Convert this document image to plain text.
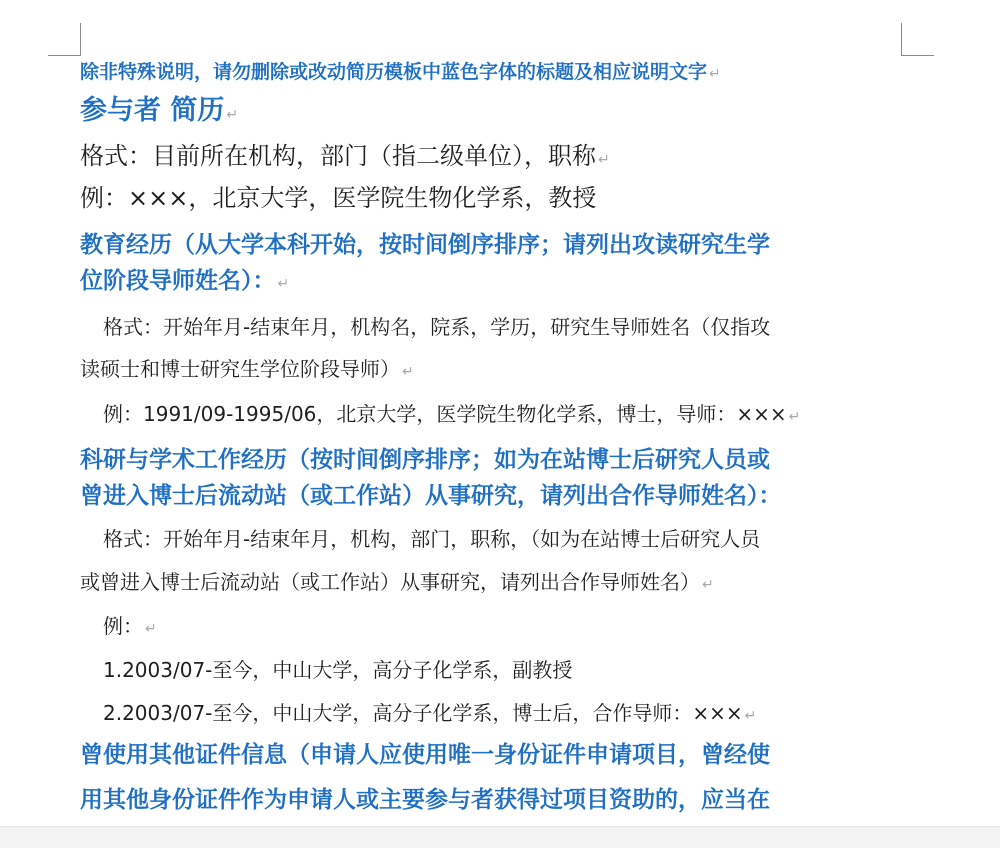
除非特殊说明，请勿删除或改动简历模板中蓝色字体的标题及相应说明文字 ↵
参与者 简历 ↵
格式：目前所在机构，部门（指二级单位），职称 ↵
例：×××，北京大学，医学院生物化学系，教授
教育经历（从大学本科开始，按时间倒序排序；请列出攻读研究生学
位阶段导师姓名）： ↵
格式：开始年月-结束年月，机构名，院系，学历，研究生导师姓名（仅指攻
读硕士和博士研究生学位阶段导师） ↵
例：1991/09-1995/06，北京大学，医学院生物化学系，博士，导师：××× ↵
科研与学术工作经历（按时间倒序排序；如为在站博士后研究人员或
曾进入博士后流动站（或工作站）从事研究，请列出合作导师姓名）：
格式：开始年月-结束年月，机构，部门，职称，（如为在站博士后研究人员
或曾进入博士后流动站（或工作站）从事研究，请列出合作导师姓名） ↵
例： ↵
1.2003/07-至今，中山大学，高分子化学系，副教授
2.2003/07-至今，中山大学，高分子化学系，博士后，合作导师：××× ↵
曾使用其他证件信息（申请人应使用唯一身份证件申请项目，曾经使
用其他身份证件作为申请人或主要参与者获得过项目资助的，应当在
